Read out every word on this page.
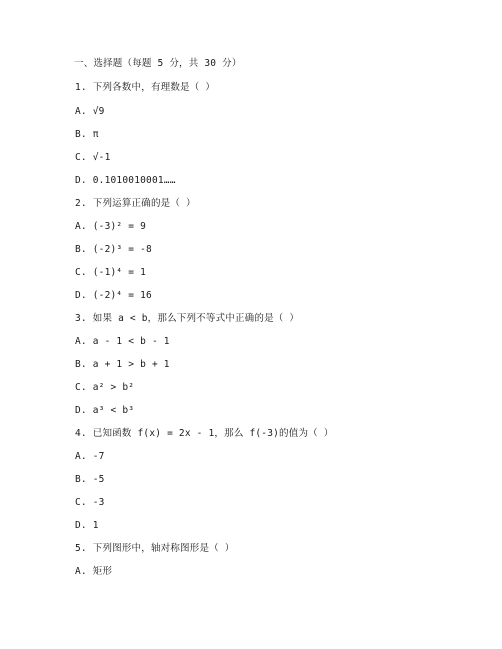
一、选择题（每题 5 分，共 30 分）
1. 下列各数中，有理数是（ ）
A. √9
B. π
C. √-1
D. 0.1010010001……
2. 下列运算正确的是（ ）
A. (-3)² = 9
B. (-2)³ = -8
C. (-1)⁴ = 1
D. (-2)⁴ = 16
3. 如果 a < b，那么下列不等式中正确的是（ ）
A. a - 1 < b - 1
B. a + 1 > b + 1
C. a² > b²
D. a³ < b³
4. 已知函数 f(x) = 2x - 1，那么 f(-3)的值为（ ）
A. -7
B. -5
C. -3
D. 1
5. 下列图形中，轴对称图形是（ ）
A. 矩形
